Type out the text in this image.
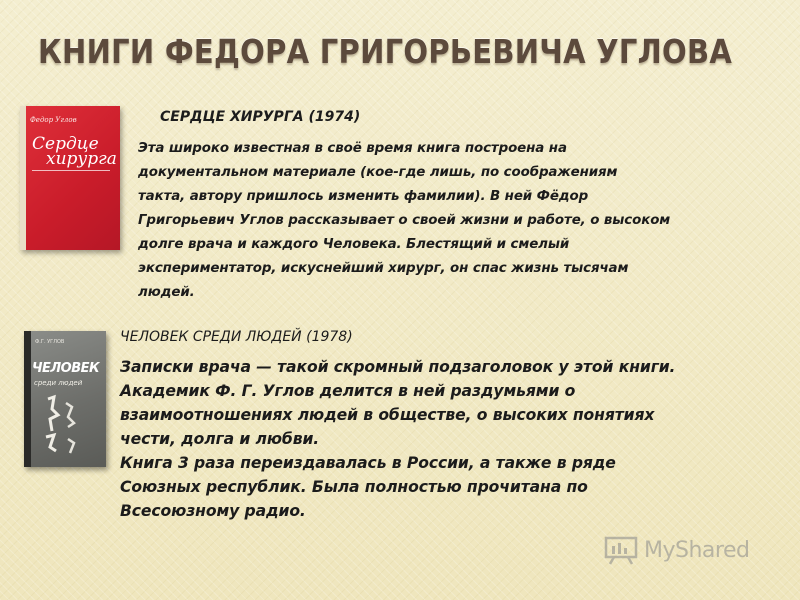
КНИГИ ФЕДОРА ГРИГОРЬЕВИЧА УГЛОВА
Федор Углов
Сердце
хирурга
СЕРДЦЕ ХИРУРГА (1974)
Эта широко известная в своё время книга построена на
документальном материале (кое-где лишь, по соображениям
такта, автору пришлось изменить фамилии). В ней Фёдор
Григорьевич Углов рассказывает о своей жизни и работе, о высоком
долге врача и каждого Человека. Блестящий и смелый
экспериментатор, искуснейший хирург, он спас жизнь тысячам
людей.
Ф.Г. УГЛОВ
ЧЕЛОВЕК
среди людей
ЧЕЛОВЕК СРЕДИ ЛЮДЕЙ (1978)
Записки врача — такой скромный подзаголовок у этой книги.
Академик Ф. Г. Углов делится в ней раздумьями о
взаимоотношениях людей в обществе, о высоких понятиях
чести, долга и любви.
Книга 3 раза переиздавалась в России, а также в ряде
Союзных республик. Была полностью прочитана по
Всесоюзному радио.
MyShared
